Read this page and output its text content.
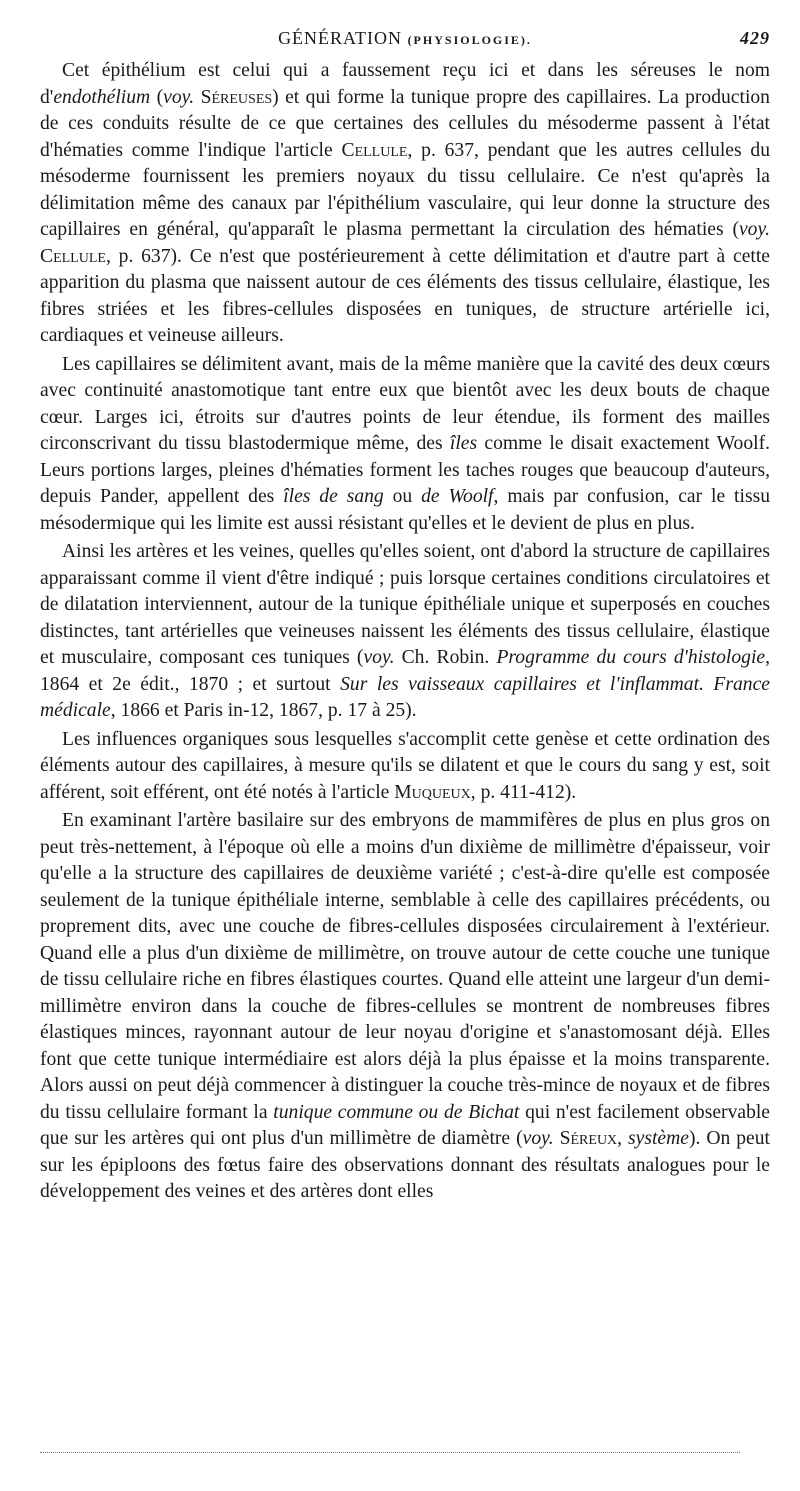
GÉNÉRATION (PHYSIOLOGIE).	429

Cet épithélium est celui qui a faussement reçu ici et dans les séreuses le nom d'endothélium (voy. Séreuses) et qui forme la tunique propre des capillaires. La production de ces conduits résulte de ce que certaines des cellules du mésoderme passent à l'état d'hématies comme l'indique l'article Cellule, p. 637, pendant que les autres cellules du mésoderme fournissent les premiers noyaux du tissu cellulaire. Ce n'est qu'après la délimitation même des canaux par l'épithélium vasculaire, qui leur donne la structure des capillaires en général, qu'apparaît le plasma permettant la circulation des hématies (voy. Cellule, p. 637). Ce n'est que postérieurement à cette délimitation et d'autre part à cette apparition du plasma que naissent autour de ces éléments des tissus cellulaire, élastique, les fibres striées et les fibres-cellules disposées en tuniques, de structure artérielle ici, cardiaques et veineuse ailleurs.

Les capillaires se délimitent avant, mais de la même manière que la cavité des deux cœurs avec continuité anastomotique tant entre eux que bientôt avec les deux bouts de chaque cœur. Larges ici, étroits sur d'autres points de leur étendue, ils forment des mailles circonscrivant du tissu blastodermique même, des îles comme le disait exactement Woolf. Leurs portions larges, pleines d'hématies forment les taches rouges que beaucoup d'auteurs, depuis Pander, appellent des îles de sang ou de Woolf, mais par confusion, car le tissu mésodermique qui les limite est aussi résistant qu'elles et le devient de plus en plus.

Ainsi les artères et les veines, quelles qu'elles soient, ont d'abord la structure de capillaires apparaissant comme il vient d'être indiqué ; puis lorsque certaines conditions circulatoires et de dilatation interviennent, autour de la tunique épithéliale unique et superposés en couches distinctes, tant artérielles que veineuses naissent les éléments des tissus cellulaire, élastique et musculaire, composant ces tuniques (voy. Ch. Robin. Programme du cours d'histologie, 1864 et 2e édit., 1870 ; et surtout Sur les vaisseaux capillaires et l'inflammat. France médicale, 1866 et Paris in-12, 1867, p. 17 à 25).

Les influences organiques sous lesquelles s'accomplit cette genèse et cette ordination des éléments autour des capillaires, à mesure qu'ils se dilatent et que le cours du sang y est, soit afférent, soit efférent, ont été notés à l'article Muqueux, p. 411-412).

En examinant l'artère basilaire sur des embryons de mammifères de plus en plus gros on peut très-nettement, à l'époque où elle a moins d'un dixième de millimètre d'épaisseur, voir qu'elle a la structure des capillaires de deuxième variété ; c'est-à-dire qu'elle est composée seulement de la tunique épithéliale interne, semblable à celle des capillaires précédents, ou proprement dits, avec une couche de fibres-cellules disposées circulairement à l'extérieur. Quand elle a plus d'un dixième de millimètre, on trouve autour de cette couche une tunique de tissu cellulaire riche en fibres élastiques courtes. Quand elle atteint une largeur d'un demi-millimètre environ dans la couche de fibres-cellules se montrent de nombreuses fibres élastiques minces, rayonnant autour de leur noyau d'origine et s'anastomosant déjà. Elles font que cette tunique intermédiaire est alors déjà la plus épaisse et la moins transparente. Alors aussi on peut déjà commencer à distinguer la couche très-mince de noyaux et de fibres du tissu cellulaire formant la tunique commune ou de Bichat qui n'est facilement observable que sur les artères qui ont plus d'un millimètre de diamètre (voy. Séreux, système). On peut sur les épiploons des fœtus faire des observations donnant des résultats analogues pour le développement des veines et des artères dont elles
